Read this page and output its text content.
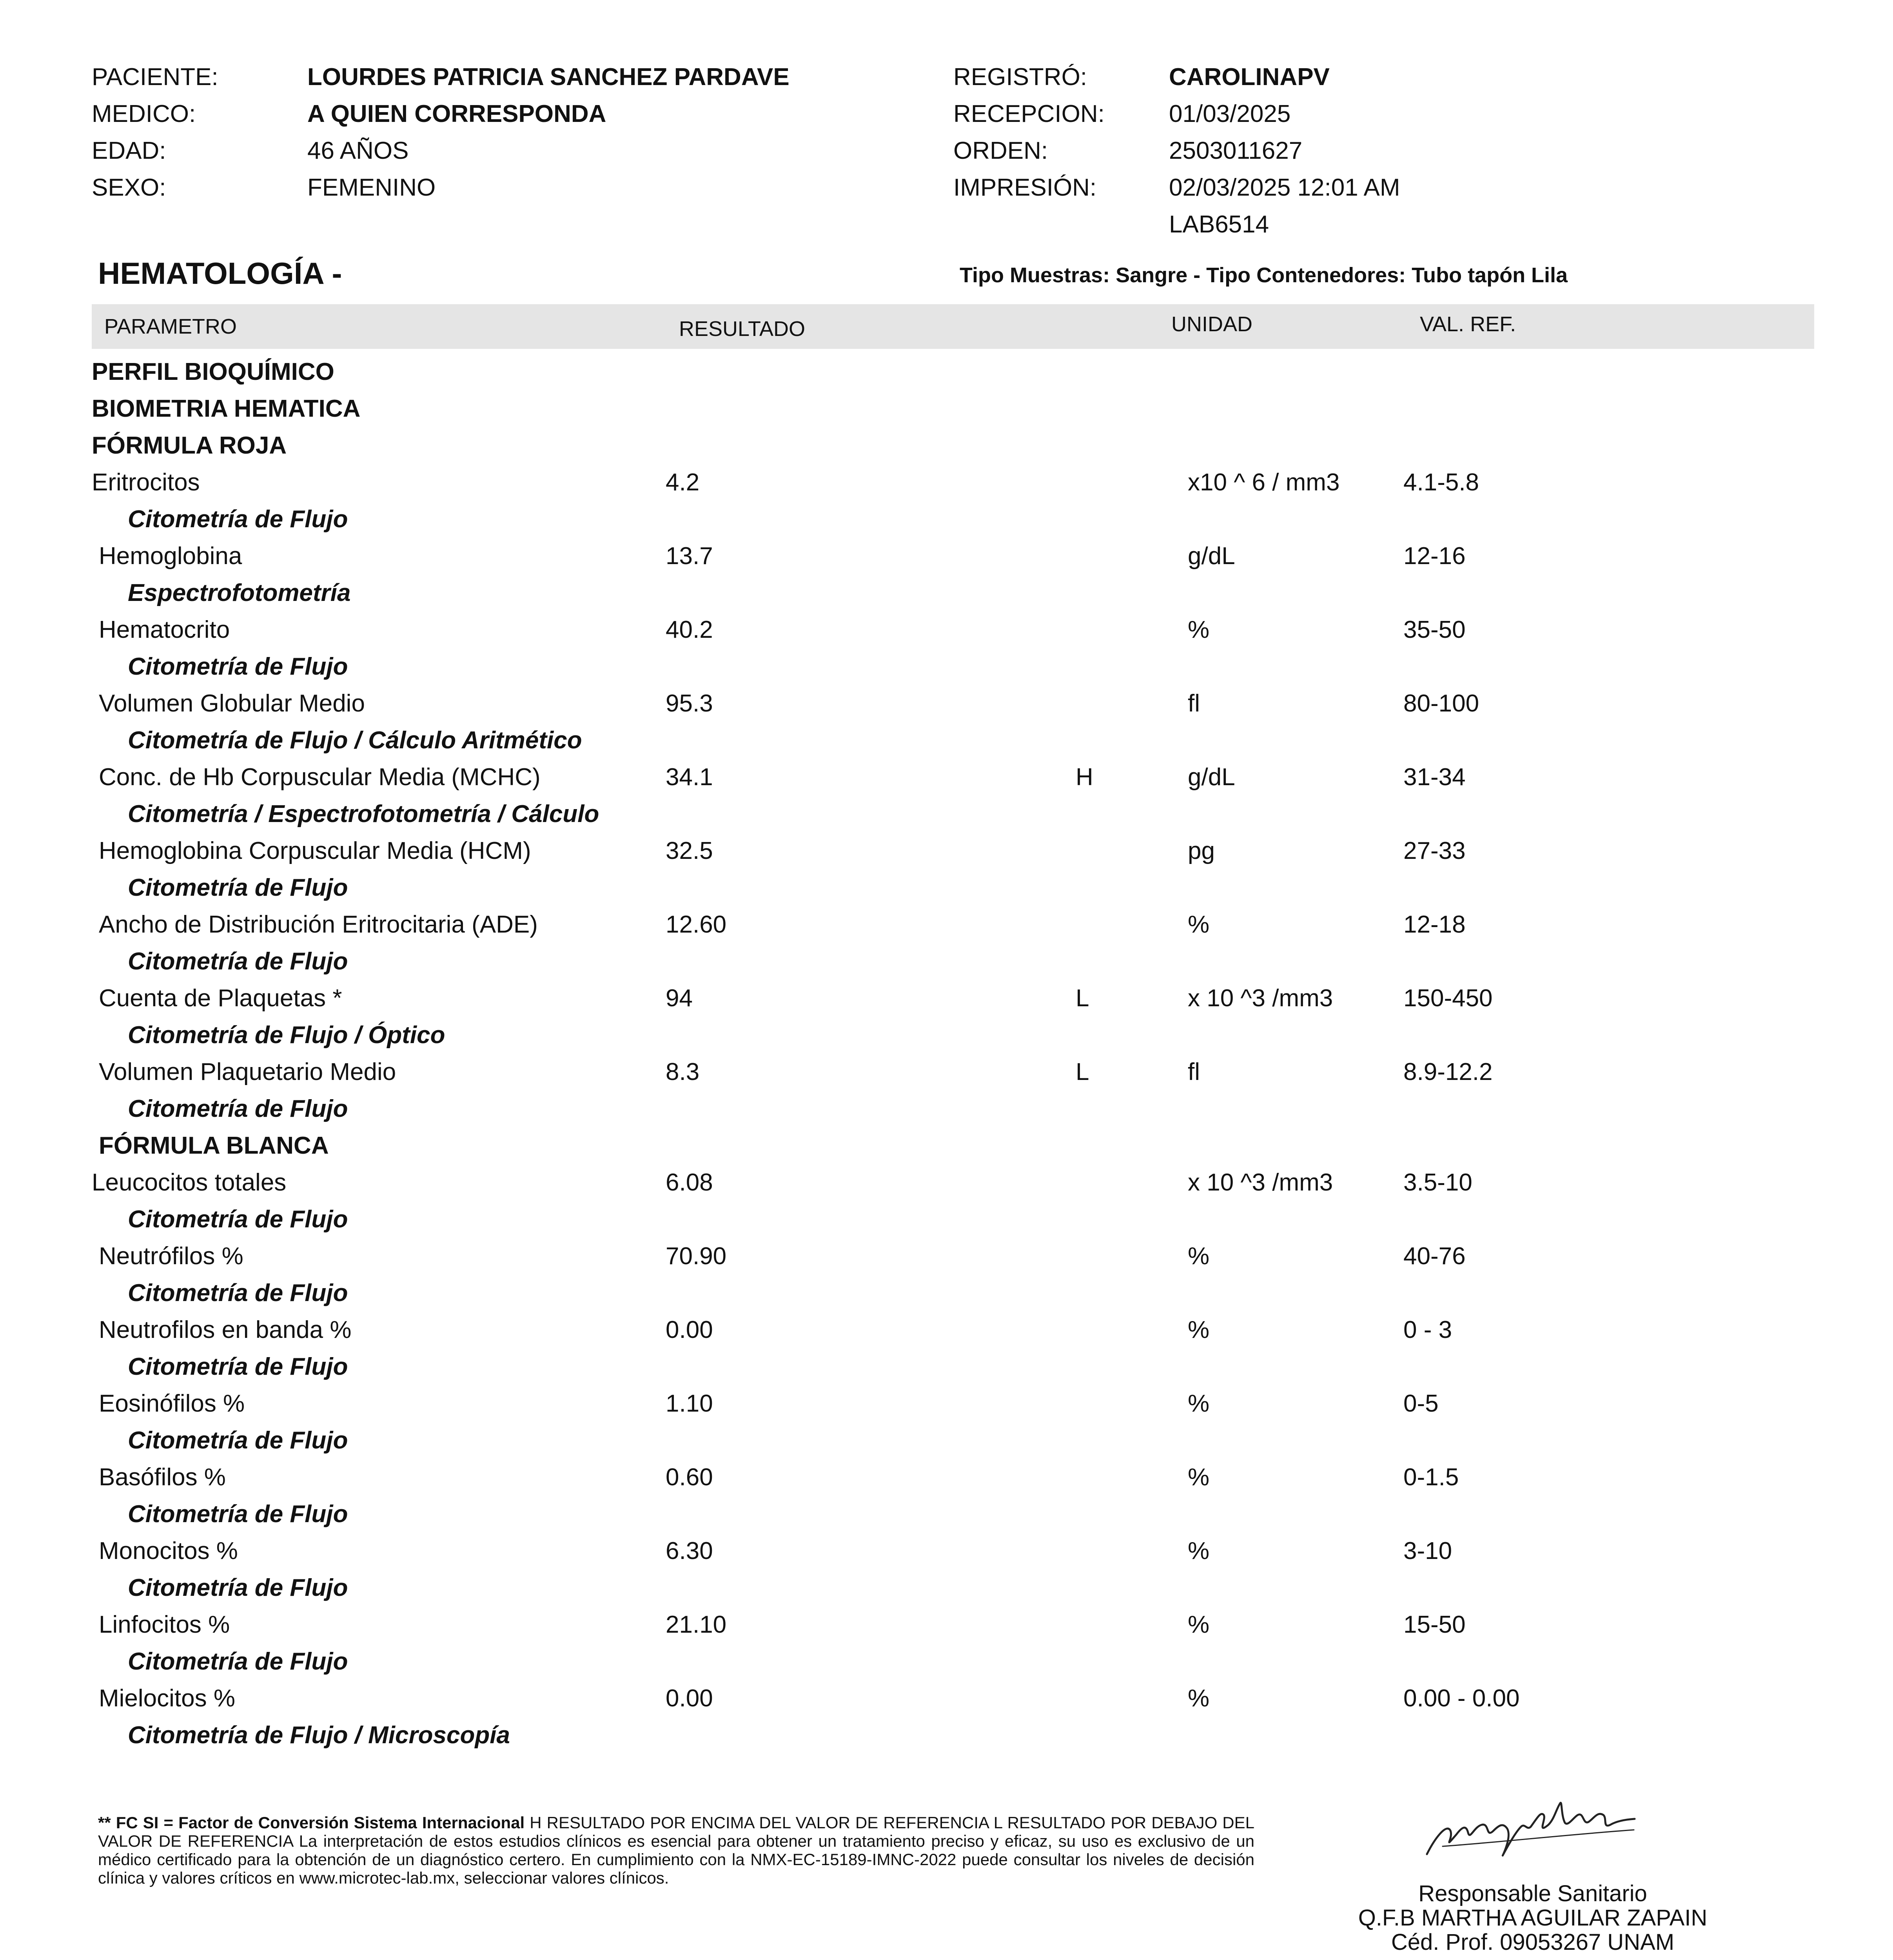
PACIENTE:	LOURDES PATRICIA SANCHEZ PARDAVE
MEDICO:	A QUIEN CORRESPONDA
EDAD:	46 AÑOS
SEXO:	FEMENINO
REGISTRÓ:	CAROLINAPV
RECEPCION:	01/03/2025
ORDEN:	2503011627
IMPRESIÓN:	02/03/2025 12:01 AM
LAB6514
HEMATOLOGÍA -	Tipo Muestras: Sangre - Tipo Contenedores: Tubo tapón Lila
PARAMETRO	RESULTADO	UNIDAD	VAL. REF.
PERFIL BIOQUÍMICO
BIOMETRIA HEMATICA
FÓRMULA ROJA
Eritrocitos	4.2	x10 ^ 6 / mm3	4.1-5.8
Citometría de Flujo
Hemoglobina	13.7	g/dL	12-16
Espectrofotometría
Hematocrito	40.2	%	35-50
Citometría de Flujo
Volumen Globular Medio	95.3	fl	80-100
Citometría de Flujo / Cálculo Aritmético
Conc. de Hb Corpuscular Media (MCHC)	34.1	H	g/dL	31-34
Citometría / Espectrofotometría / Cálculo
Hemoglobina Corpuscular Media (HCM)	32.5	pg	27-33
Citometría de Flujo
Ancho de Distribución Eritrocitaria (ADE)	12.60	%	12-18
Citometría de Flujo
Cuenta de Plaquetas *	94	L	x 10 ^3 /mm3	150-450
Citometría de Flujo / Óptico
Volumen Plaquetario Medio	8.3	L	fl	8.9-12.2
Citometría de Flujo
FÓRMULA BLANCA
Leucocitos totales	6.08	x 10 ^3 /mm3	3.5-10
Citometría de Flujo
Neutrófilos %	70.90	%	40-76
Citometría de Flujo
Neutrofilos en banda %	0.00	%	0 - 3
Citometría de Flujo
Eosinófilos %	1.10	%	0-5
Citometría de Flujo
Basófilos %	0.60	%	0-1.5
Citometría de Flujo
Monocitos %	6.30	%	3-10
Citometría de Flujo
Linfocitos %	21.10	%	15-50
Citometría de Flujo
Mielocitos %	0.00	%	0.00 - 0.00
Citometría de Flujo / Microscopía
** FC SI = Factor de Conversión Sistema Internacional H RESULTADO POR ENCIMA DEL VALOR DE REFERENCIA L RESULTADO POR DEBAJO DEL VALOR DE REFERENCIA La interpretación de estos estudios clínicos es esencial para obtener un tratamiento preciso y eficaz, su uso es exclusivo de un médico certificado para la obtención de un diagnóstico certero. En cumplimiento con la NMX-EC-15189-IMNC-2022 puede consultar los niveles de decisión clínica y valores críticos en www.microtec-lab.mx, seleccionar valores clínicos.
Responsable Sanitario
Q.F.B MARTHA AGUILAR ZAPAIN
Céd. Prof. 09053267 UNAM
